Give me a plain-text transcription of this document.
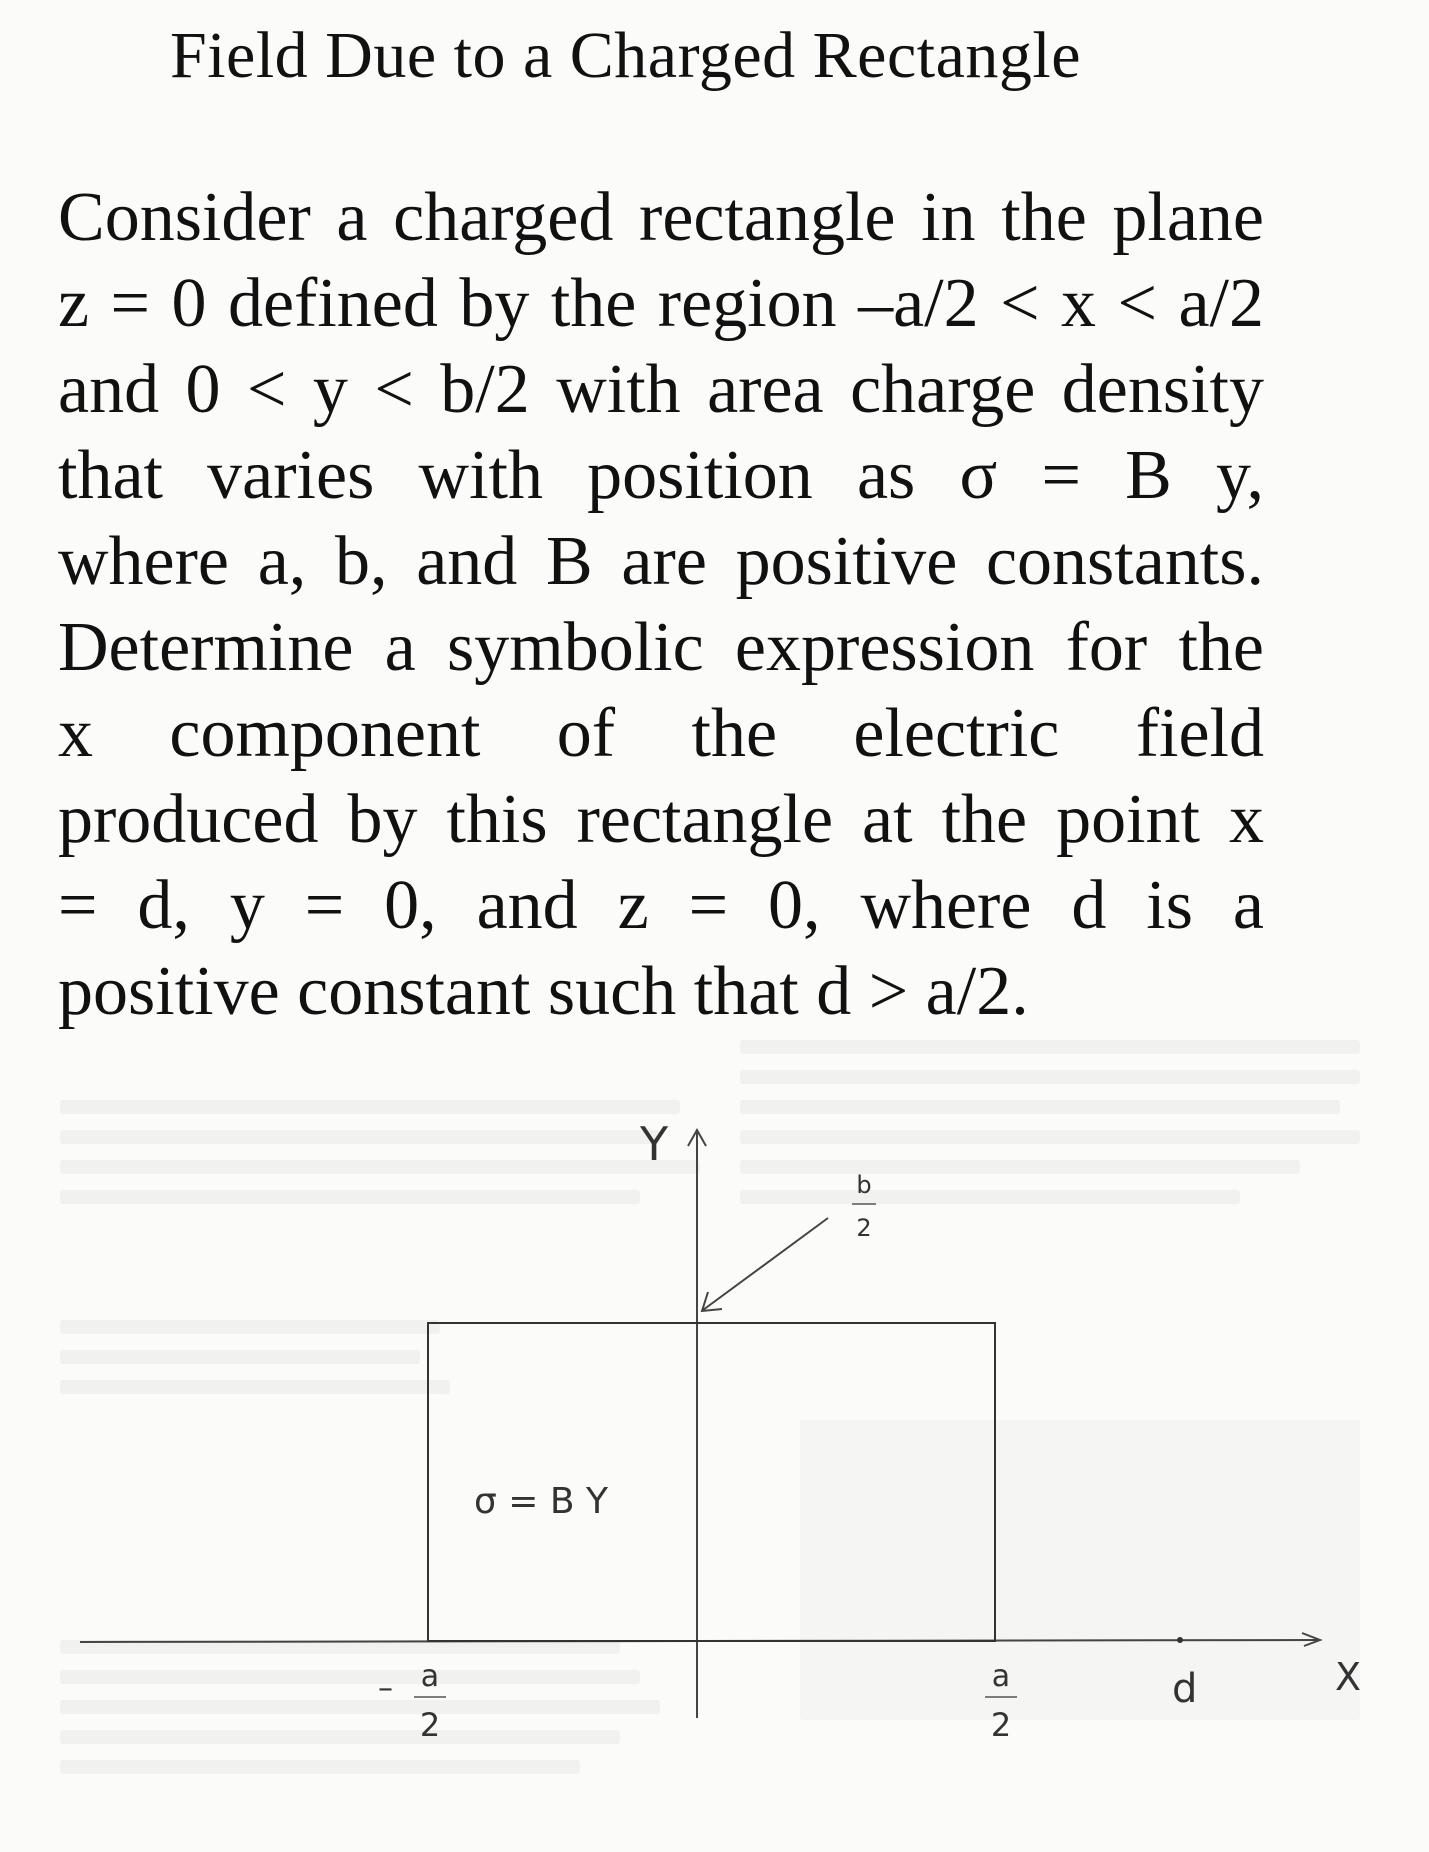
Field Due to a Charged Rectangle
Consider a charged rectangle in the plane
z = 0 defined by the region –a/2 < x < a/2
and 0 < y < b/2 with area charge density
that varies with position as σ = B y,
where a, b, and B are positive constants.
Determine a symbolic expression for the
x component of the electric field
produced by this rectangle at the point x
= d, y = 0, and z = 0, where d is a
positive constant such that d > a/2.
Y
X
σ = B Y
b
2
– a
2
a
2
d
